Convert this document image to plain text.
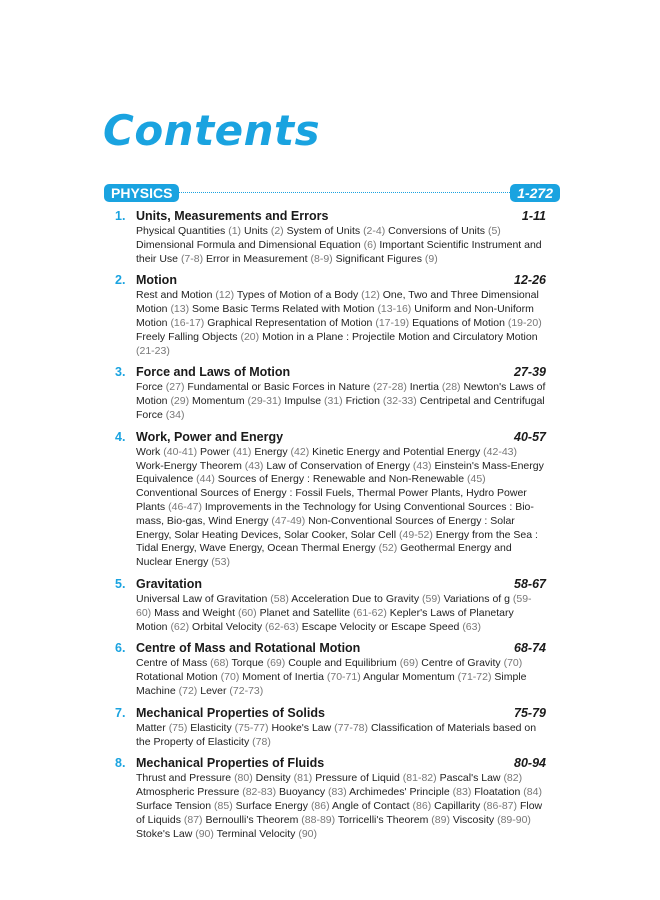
Contents
PHYSICS	1-272
1. Units, Measurements and Errors	1-11
Physical Quantities (1) Units (2) System of Units (2-4) Conversions of Units (5)Dimensional Formula and Dimensional Equation (6) Important Scientific Instrument and their Use (7-8) Error in Measurement (8-9) Significant Figures (9)
2. Motion	12-26
Rest and Motion (12) Types of Motion of a Body (12) One, Two and Three Dimensional Motion (13) Some Basic Terms Related with Motion (13-16) Uniform and Non-Uniform Motion (16-17) Graphical Representation of Motion (17-19) Equations of Motion (19-20)Freely Falling Objects (20) Motion in a Plane : Projectile Motion and Circulatory Motion (21-23)
3. Force and Laws of Motion	27-39
Force (27) Fundamental or Basic Forces in Nature (27-28) Inertia (28) Newton's Laws of Motion (29) Momentum (29-31) Impulse (31) Friction (32-33) Centripetal and Centrifugal Force (34)
4. Work, Power and Energy	40-57
Work (40-41) Power (41) Energy (42) Kinetic Energy and Potential Energy (42-43)Work-Energy Theorem (43) Law of Conservation of Energy (43) Einstein's Mass-Energy Equivalence (44) Sources of Energy : Renewable and Non-Renewable (45)Conventional Sources of Energy : Fossil Fuels, Thermal Power Plants, Hydro Power Plants (46-47) Improvements in the Technology for Using Conventional Sources : Bio-mass, Bio-gas, Wind Energy (47-49) Non-Conventional Sources of Energy : Solar Energy, Solar Heating Devices, Solar Cooker, Solar Cell (49-52) Energy from the Sea : Tidal Energy, Wave Energy, Ocean Thermal Energy (52) Geothermal Energy and Nuclear Energy (53)
5. Gravitation	58-67
Universal Law of Gravitation (58) Acceleration Due to Gravity (59) Variations of g (59-60) Mass and Weight (60) Planet and Satellite (61-62) Kepler's Laws of Planetary Motion (62) Orbital Velocity (62-63) Escape Velocity or Escape Speed (63)
6. Centre of Mass and Rotational Motion	68-74
Centre of Mass (68) Torque (69) Couple and Equilibrium (69) Centre of Gravity (70)Rotational Motion (70) Moment of Inertia (70-71) Angular Momentum (71-72) Simple Machine (72) Lever (72-73)
7. Mechanical Properties of Solids	75-79
Matter (75) Elasticity (75-77) Hooke's Law (77-78) Classification of Materials based on the Property of Elasticity (78)
8. Mechanical Properties of Fluids	80-94
Thrust and Pressure (80) Density (81) Pressure of Liquid (81-82) Pascal's Law (82)Atmospheric Pressure (82-83) Buoyancy (83) Archimedes' Principle (83) Floatation (84)Surface Tension (85) Surface Energy (86) Angle of Contact (86) Capillarity (86-87) Flow of Liquids (87) Bernoulli's Theorem (88-89) Torricelli's Theorem (89) Viscosity (89-90)Stoke's Law (90) Terminal Velocity (90)
